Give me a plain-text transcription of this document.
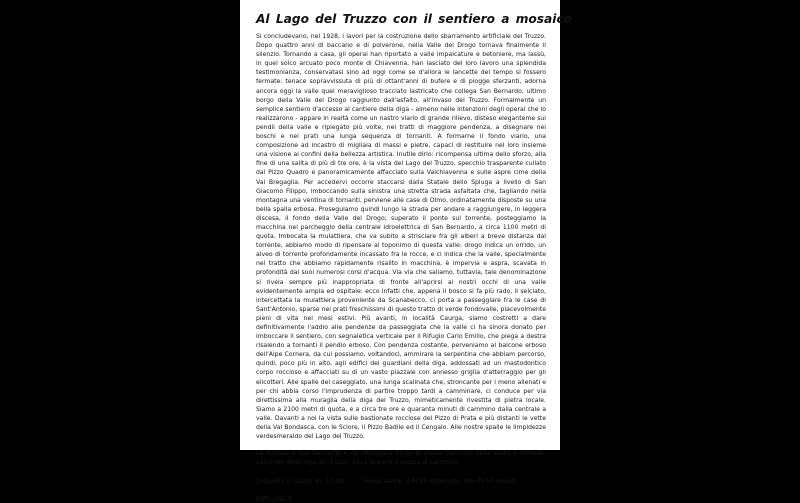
Al Lago del Truzzo con il sentiero a mosaico

Si concludevano, nel 1928, i lavori per la costruzione dello sbarramento artificiale del Truzzo. Dopo quattro anni di baccano e di polverone, nella Valle del Drogo tornava finalmente il silenzio. Tornando a casa, gli operai han riportato a valle impalcature e betoniere, ma lassù, in quel solco arcuato poco monte di Chiavenna, han lasciato del loro lavoro una splendida testimonianza, conservatasi sino ad oggi come se d'allora le lancette del tempo si fossero fermate: tenace sopravvissuta di più di ottant'anni di bufere e di piogge sferzanti, adorna ancora oggi la valle quel meraviglioso tracciato lastricato che collega San Bernardo, ultimo borgo della Valle del Drogo raggiunto dall'asfalto, all'invaso del Truzzo. Formalmente un semplice sentiero d'accesso al cantiere della diga - almeno nelle intenzioni degli operai che lo realizzarono - appare in realtà come un nastro viario di grande rilievo, disteso eleganteme sui pendii della valle e ripiegato più volte, nei tratti di maggiore pendenza, a disegnare nei boschi e nei prati una lunga sequenza di tornanti. A formarne il fondo viario, una composizione ad incastro di migliaia di massi e pietre, capaci di restituire nel loro insieme una visione ai confini della bellezza artistica. Inutile dirlo: ricompensa ultima dello sforzo, alla fine di una salita di più di tre ore, è la vista del Lago del Truzzo, specchio trasparente cullato dal Pizzo Quadro e panoramicamente affacciato sulla Valchiavenna e sulle aspre cime della Val Bregaglia. Per accedervi occorre staccarsi dalla Statale dello Spluga a livello di San Giacomo Filippo, imboccando sulla sinistra una stretta strada asfaltata che, tagliando nella montagna una ventina di tornanti, perviene alle case di Olmo, ordinatamente disposte su una bella spalla erbosa. Proseguiamo quindi lungo la strada per andare a raggiungere, in leggera discesa, il fondo della Valle del Drogo; superato il ponte sul torrente, posteggiamo la macchina nel parcheggio della centrale idroelettrica di San Bernardo, a circa 1100 metri di quota. Imbocata la mulattiera, che va subito a strisciare fra gli alberi a breve distanza dal torrente, abbiamo modo di ripensare al toponimo di questa valle: drogo indica un orrido, un alveo di torrente profondamente incassato fra le rocce, e ci indica che la valle, specialmente nel tratto che abbiamo rapidamente risalito in macchina, è impervia e aspra, scavata in profondità dai suoi numerosi corsi d'acqua. Via via che saliamo, tuttavia, tale denominazione si rivela sempre più inappropriata di fronte all'aprirsi ai nostri occhi di una valle evidentemente ampia ed ospitale: ecco infatti che, appena il bosco si fa più rado, il selciato, intercettata la mulattiera proveniente da Scanabecco, ci porta a passeggiare fra le case di Sant'Antonio, sparse nei prati freschissimi di questo tratto di verde fondovalle, piacevolmente pieni di vita nei mesi estivi. Più avanti, in località Caurga, siamo costretti a dare definitivamente l'addio alle pendenze da passeggiata che la valle ci ha sinora donato per imboccare il sentiero, con segnaletica verticale per il Rifugio Carlo Emilio, che piega a destra risalendo a tornanti il pendio erboso. Con pendenza costante, perveniamo al balcone erboso dell'Alpe Cornera, da cui possiamo, voltandoci, ammirare la serpentina che abbiam percorso, quindi, poco più in alto, agli edifici dei guardiani della diga, addossati ad un mastodontico corpo roccioso e affacciati su di un vasto piazzale con annesso griglia d'atterraggio per gli elicotteri. Alle spalle del caseggiato, una lunga scalinata che, stroncante per i meno allenati e per chi abbia corso l'imprudenza di partire troppo tardi a camminare, ci conduce per via direttissima alla muraglia della diga del Truzzo, mimeticamente rivestita di pietra locale. Siamo a 2100 metri di quota, e a circa tre ore e quaranta minuti di cammino dalla centrale a valle. Davanti a noi la vista sulle bastionate rocciose del Pizzo di Prata e più distanti le vette della Val Bondasca, con le Sciore, il Pizzo Badile ed il Cengalo. Alle nostre spalle le limpidezze verdesmeraldo del Lago del Truzzo.

La discesa a San Bernardo è da effettuarsi lungo lo stesso percorso della salita e richiede, partendo dalla diga del Truzzo, circa due ore e mezza di cammino.

Dislivello in salita: m. 1.000	Tempi salita : CAI 3h 30minuti - Noi 3h 50 minuti
Difficoltà: E
